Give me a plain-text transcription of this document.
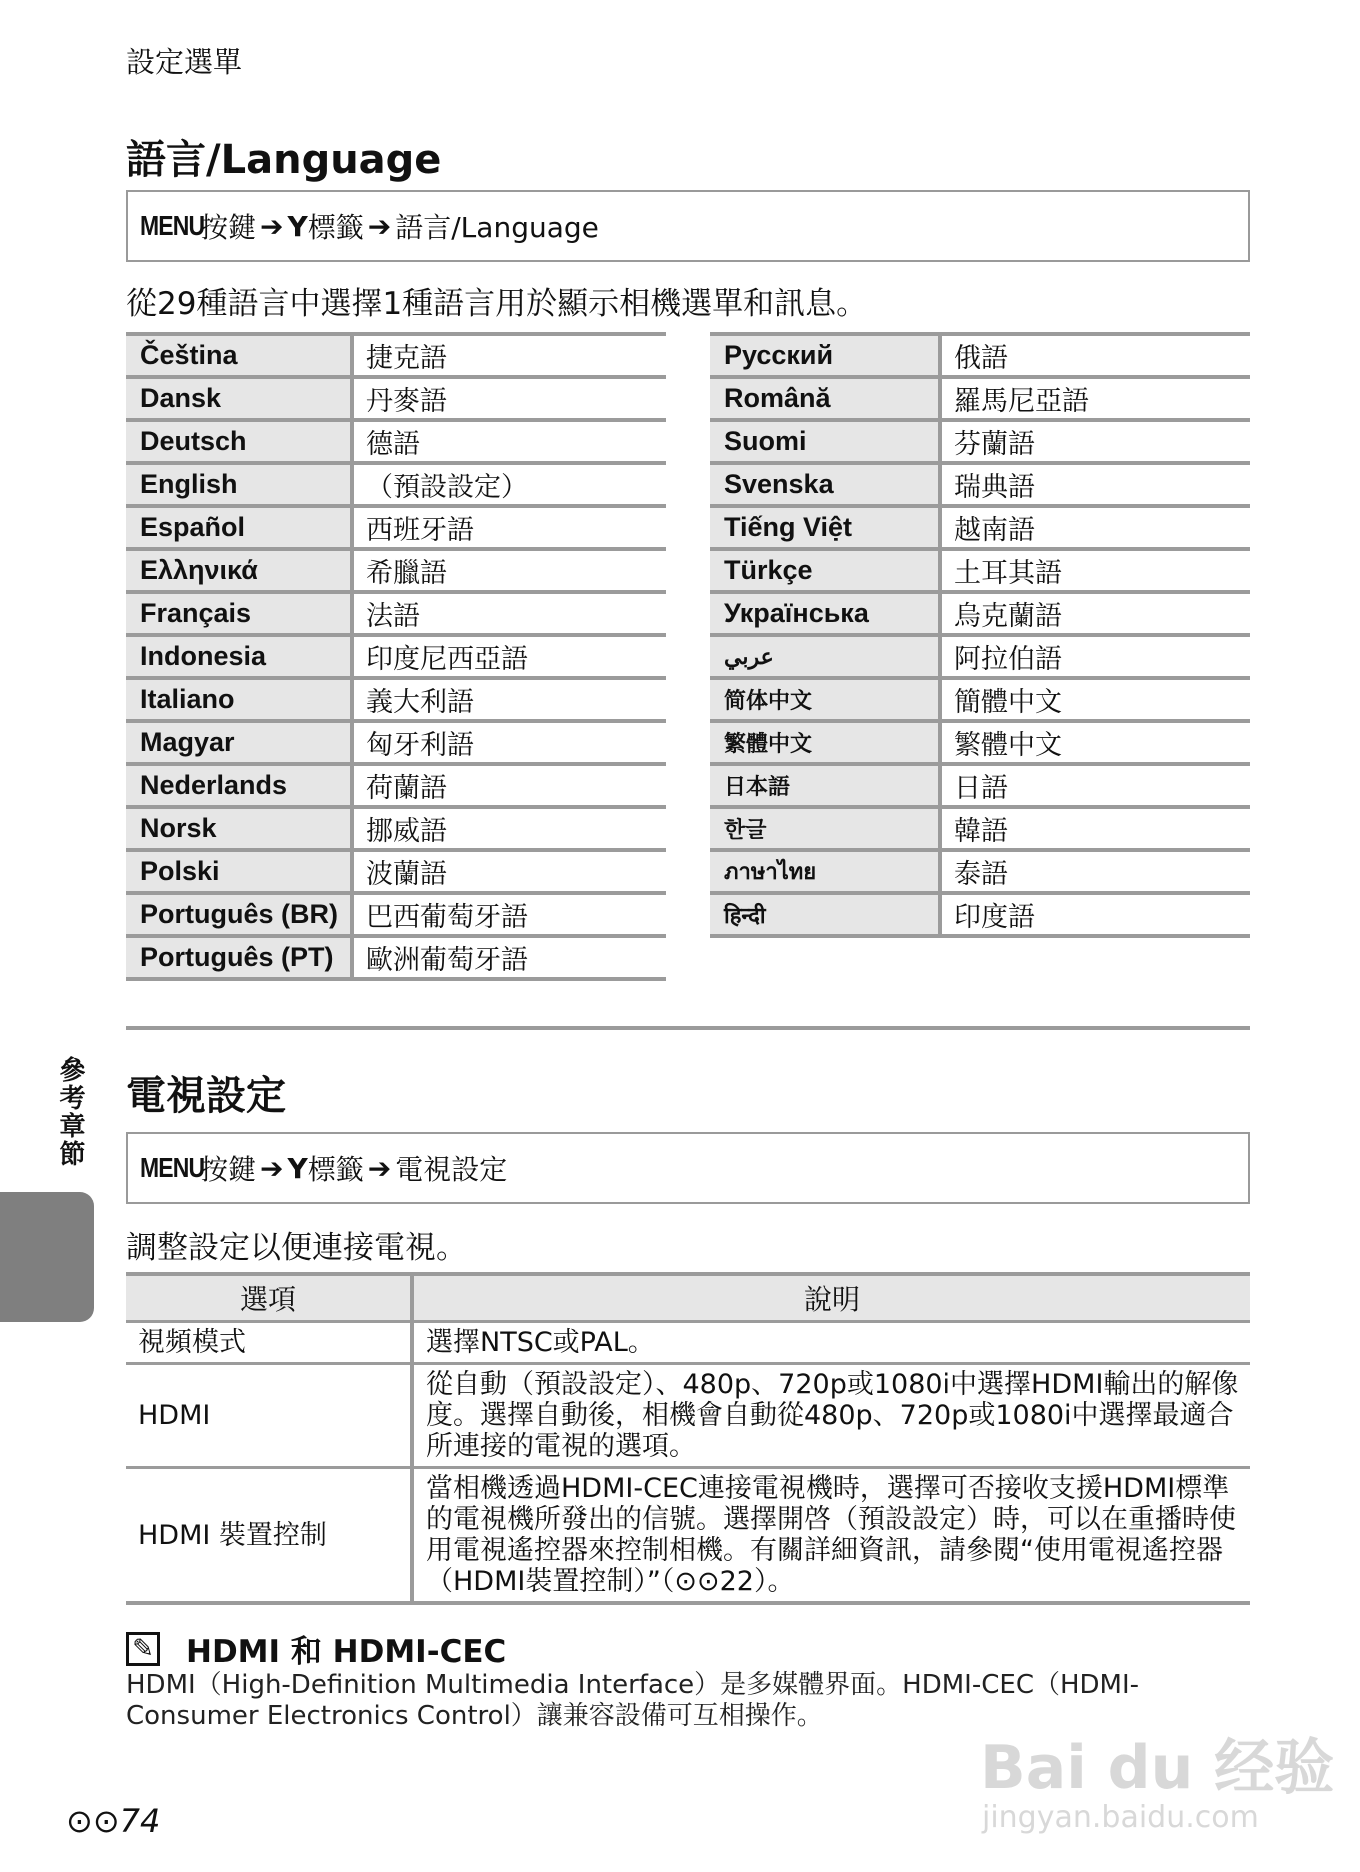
設定選單
語言/Language
MENU
按鍵 ➔ Y 標籤 ➔ 語言/Language
從29種語言中選擇1種語言用於顯示相機選單和訊息。
Čeština	捷克語
Dansk	丹麥語
Deutsch	德語
English	（預設設定）
Español	西班牙語
Ελληνικά	希臘語
Français	法語
Indonesia	印度尼西亞語
Italiano	義大利語
Magyar	匈牙利語
Nederlands	荷蘭語
Norsk	挪威語
Polski	波蘭語
Português (BR)	巴西葡萄牙語
Português (PT)	歐洲葡萄牙語
Русский	俄語
Română	羅馬尼亞語
Suomi	芬蘭語
Svenska	瑞典語
Tiếng Việt	越南語
Türkçe	土耳其語
Українська	烏克蘭語
عربي	阿拉伯語
简体中文	簡體中文
繁體中文	繁體中文
日本語	日語
한글	韓語
ภาษาไทย	泰語
हिन्दी	印度語
電視設定
MENU
按鍵 ➔ Y 標籤 ➔ 電視設定
調整設定以便連接電視。
選項	說明
視頻模式	選擇NTSC或PAL。
HDMI	從自動（預設設定）、480p、720p或1080i中選擇HDMI輸出的解像度。選擇自動後，相機會自動從480p、720p或1080i中選擇最適合所連接的電視的選項。
HDMI 裝置控制	當相機透過HDMI-CEC連接電視機時，選擇可否接收支援HDMI標準的電視機所發出的信號。選擇開啓（預設設定）時，可以在重播時使用電視遙控器來控制相機。有關詳細資訊，請參閱“使用電視遙控器（HDMI裝置控制）”（⊙⊙22）。
✎ HDMI 和 HDMI-CEC
HDMI（High-Definition Multimedia Interface）是多媒體界面。HDMI-CEC（HDMI-Consumer Electronics Control）讓兼容設備可互相操作。
參考章節
⊙⊙74
Bai du 经验
jingyan.baidu.com
